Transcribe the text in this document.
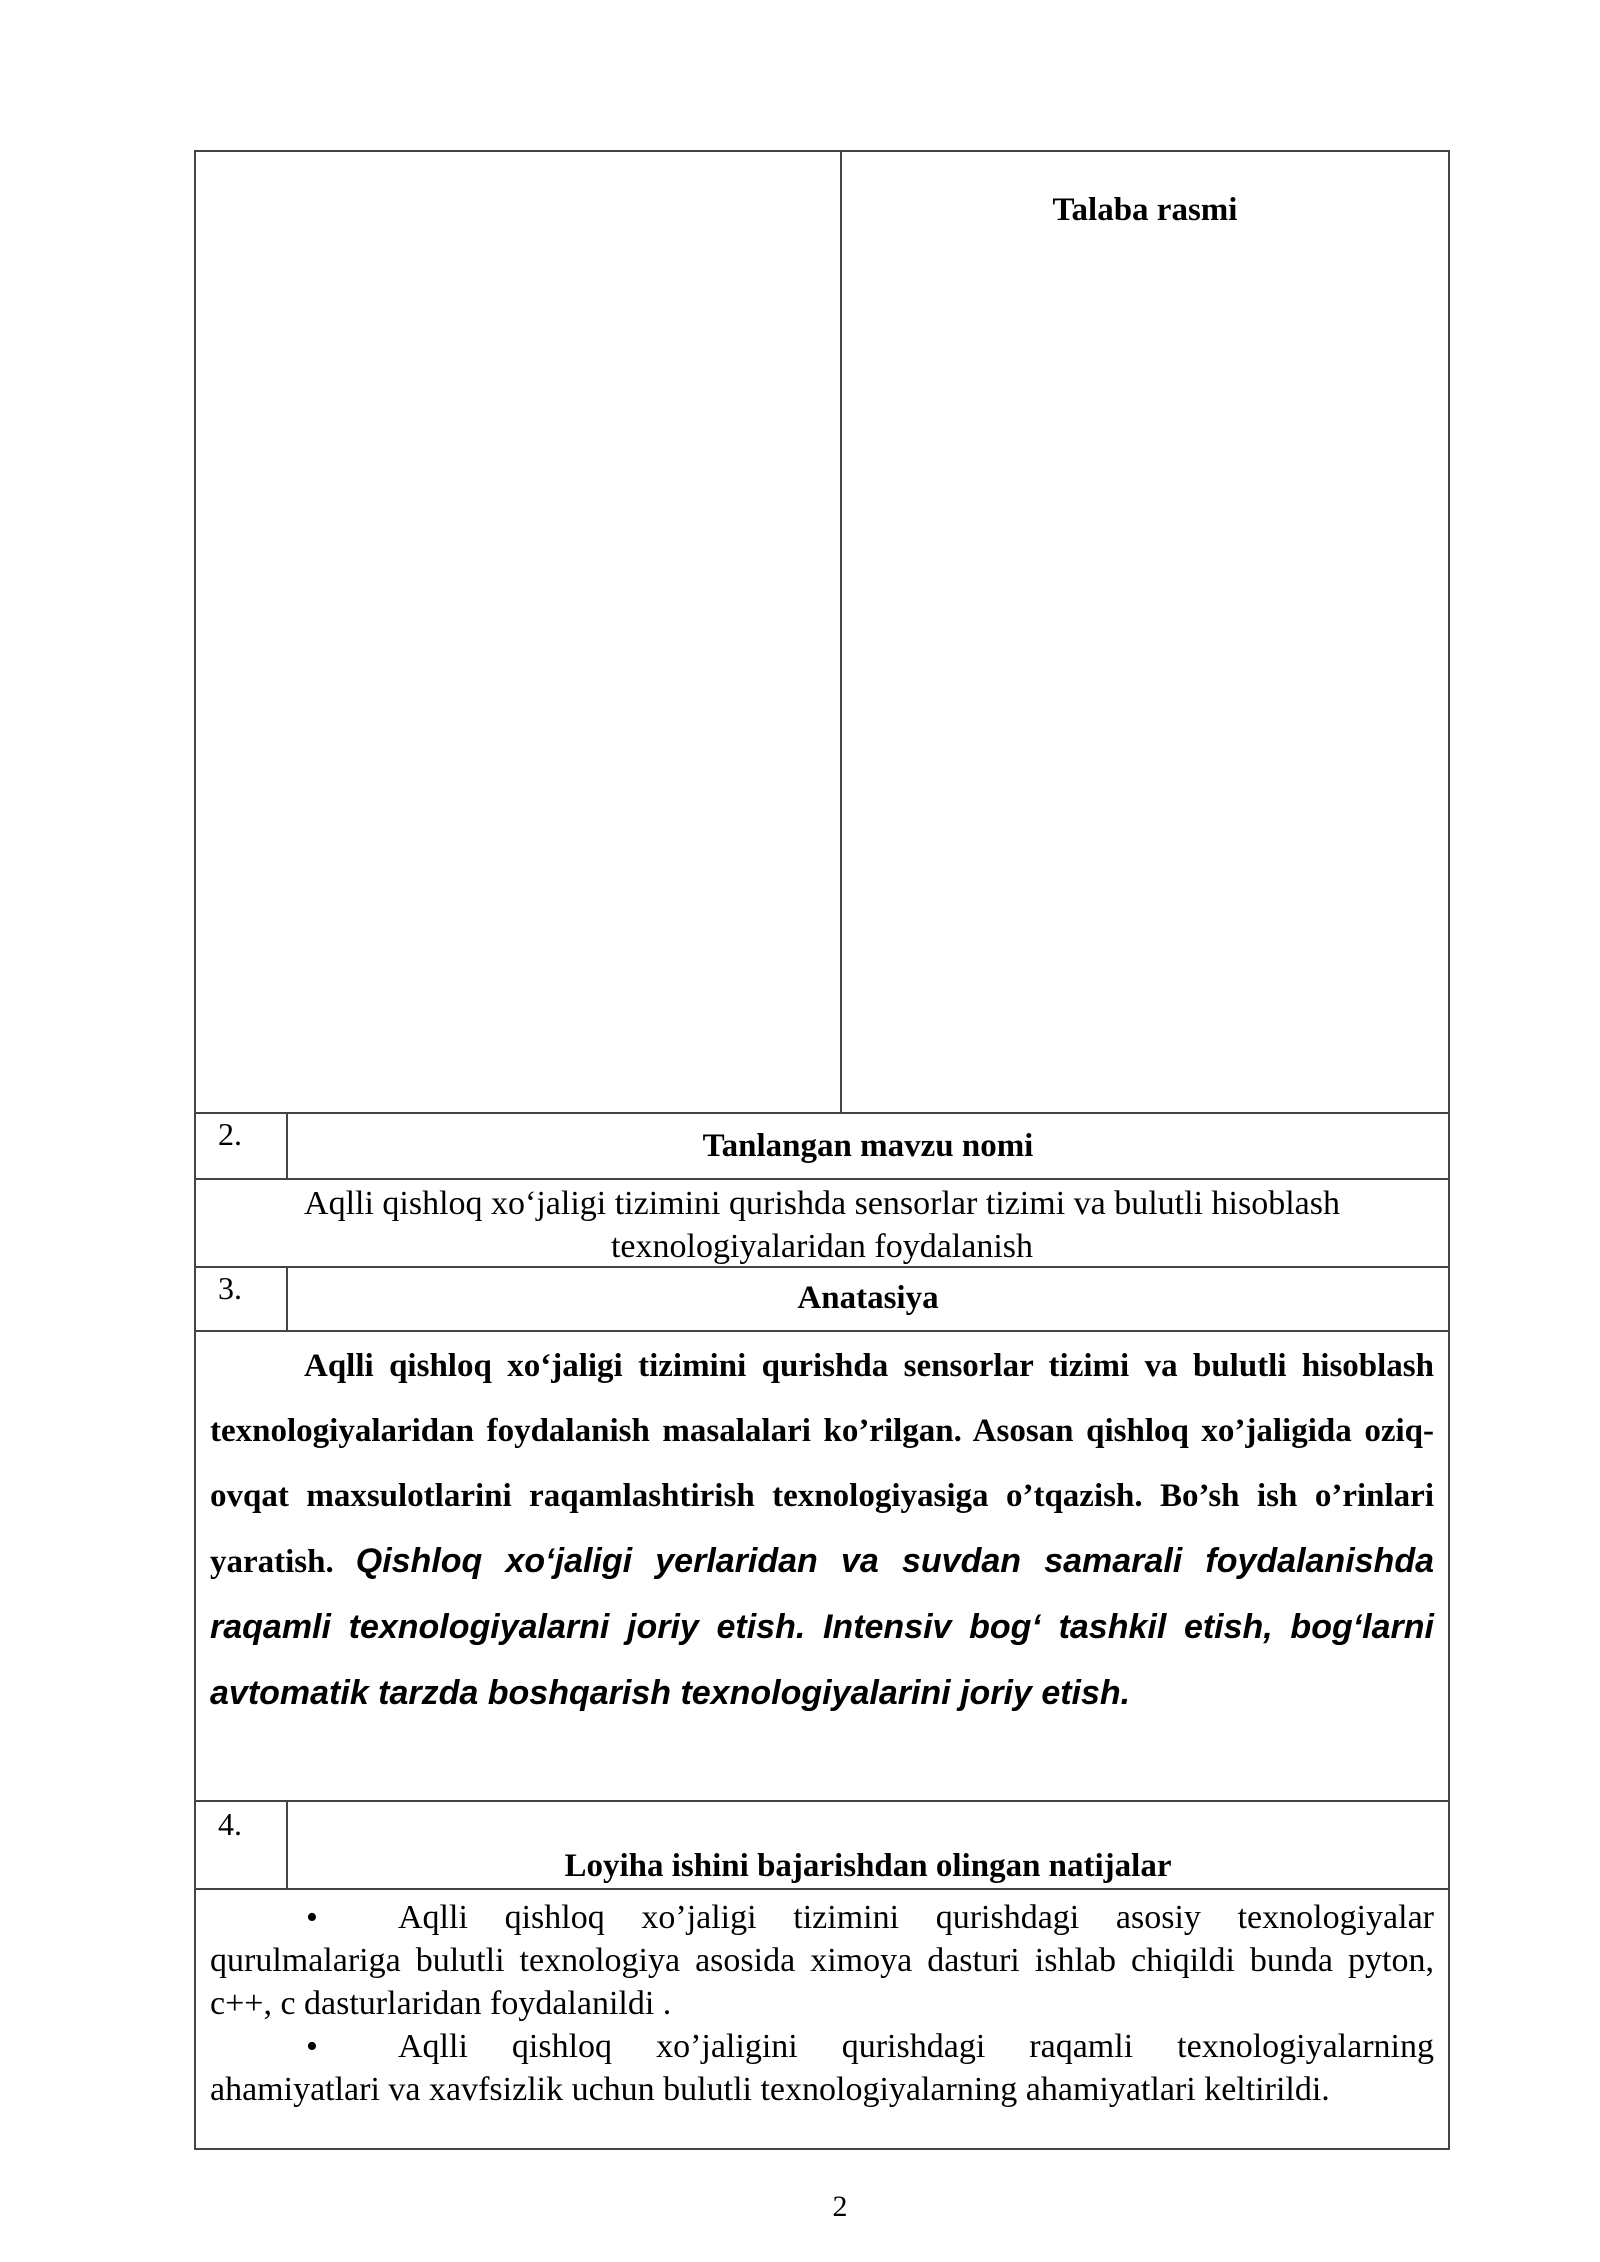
Talaba rasmi
2.	Tanlangan mavzu nomi
Aqlli qishloq xo‘jaligi tizimini qurishda sensorlar tizimi va bulutli hisoblash texnologiyalaridan foydalanish
3.	Anatasiya
Aqlli qishloq xo‘jaligi tizimini qurishda sensorlar tizimi va bulutli hisoblash texnologiyalaridan foydalanish masalalari ko’rilgan. Asosan qishloq xo’jaligida oziq-ovqat maxsulotlarini raqamlashtirish texnologiyasiga o’tqazish. Bo’sh ish o’rinlari yaratish. Qishloq xo‘jaligi yerlaridan va suvdan samarali foydalanishda raqamli texnologiyalarni joriy etish. Intensiv bog‘ tashkil etish, bog‘larni avtomatik tarzda boshqarish texnologiyalarini joriy etish.
4.
Loyiha ishini bajarishdan olingan natijalar
• Aqlli qishloq xo’jaligi tizimini qurishdagi asosiy texnologiyalar qurulmalariga bulutli texnologiya asosida ximoya dasturi ishlab chiqildi bunda pyton, c++, c dasturlaridan foydalanildi .
• Aqlli qishloq xo’jaligini qurishdagi raqamli texnologiyalarning ahamiyatlari va xavfsizlik uchun bulutli texnologiyalarning ahamiyatlari keltirildi.
2
